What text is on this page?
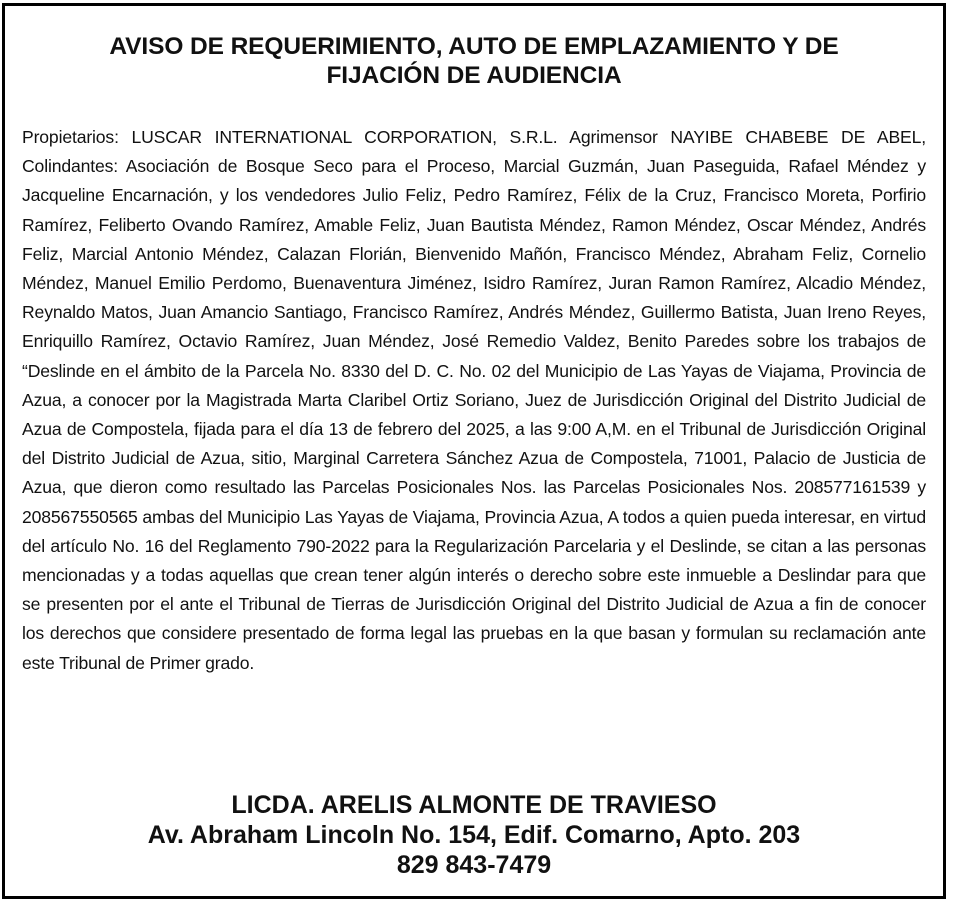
AVISO DE REQUERIMIENTO, AUTO DE EMPLAZAMIENTO Y DE
FIJACIÓN DE AUDIENCIA

Propietarios: LUSCAR INTERNATIONAL CORPORATION, S.R.L. Agrimensor NAYIBE CHABEBE DE ABEL, Colindantes: Asociación de Bosque Seco para el Proceso, Marcial Guzmán, Juan Paseguida, Rafael Méndez y Jacqueline Encarnación, y los vendedores Julio Feliz, Pedro Ramírez, Félix de la Cruz, Francisco Moreta, Porfirio Ramírez, Feliberto Ovando Ramírez, Amable Feliz, Juan Bautista Méndez, Ramon Méndez, Oscar Méndez, Andrés Feliz, Marcial Antonio Méndez, Calazan Florián, Bienvenido Mañón, Francisco Méndez, Abraham Feliz, Cornelio Méndez, Manuel Emilio Perdomo, Buenaventura Jiménez, Isidro Ramírez, Juran Ramon Ramírez, Alcadio Méndez, Reynaldo Matos, Juan Amancio Santiago, Francisco Ramírez, Andrés Méndez, Guillermo Batista, Juan Ireno Reyes, Enriquillo Ramírez, Octavio Ramírez, Juan Méndez, José Remedio Valdez, Benito Paredes sobre los trabajos de “Deslinde en el ámbito de la Parcela No. 8330 del D. C. No. 02 del Municipio de Las Yayas de Viajama, Provincia de Azua, a conocer por la Magistrada Marta Claribel Ortiz Soriano, Juez de Jurisdicción Original del Distrito Judicial de Azua de Compostela, fijada para el día 13 de febrero del 2025, a las 9:00 A,M. en el Tribunal de Jurisdicción Original del Distrito Judicial de Azua, sitio, Marginal Carretera Sánchez Azua de Compostela, 71001, Palacio de Justicia de Azua, que dieron como resultado las Parcelas Posicionales Nos. las Parcelas Posicionales Nos. 208577161539 y 208567550565 ambas del Municipio Las Yayas de Viajama, Provincia Azua, A todos a quien pueda interesar, en virtud del artículo No. 16 del Reglamento 790-2022 para la Regularización Parcelaria y el Deslinde, se citan a las personas mencionadas y a todas aquellas que crean tener algún interés o derecho sobre este inmueble a Deslindar para que se presenten por el ante el Tribunal de Tierras de Jurisdicción Original del Distrito Judicial de Azua a fin de conocer los derechos que considere presentado de forma legal las pruebas en la que basan y formulan su reclamación ante este Tribunal de Primer grado.

LICDA. ARELIS ALMONTE DE TRAVIESO
Av. Abraham Lincoln No. 154, Edif. Comarno, Apto. 203
829 843-7479
